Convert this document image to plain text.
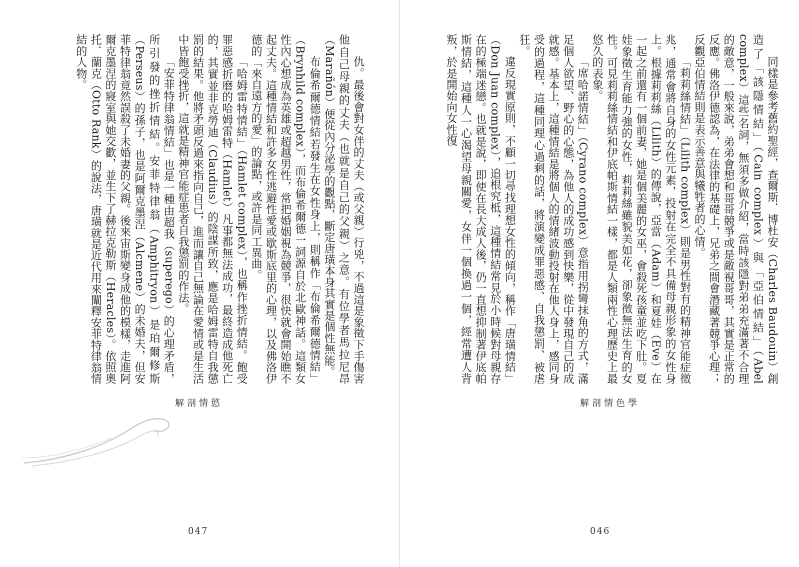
仇。最後會對女伴的丈夫（或父親）行兇，不過這是象徵下手傷害他自己母親的丈夫（也就是自己的父親）之意。有位學者馬拉尼昂（Marañón）便從內分泌學的觀點，斷定唐璜本身其實是個性無能。

布倫希爾德情結若發生在女性身上，則稱作「布倫希爾德情結」（Brynhild complex），而布倫希爾德一詞源自於北歐神話。這類女性內心想成為英雄或超越男性，常把婚姻視為競爭，很快就會開始瞧不起丈夫。這種情結和許多女性逃避性愛或歇斯底里的心理，以及佛洛伊德的「來自遠方的愛」的論點，或許是同工異曲。

「哈姆雷特情結」（Hamlet complex），也稱作挫折情結。飽受罪惡感折磨的哈姆雷特（Hamlet）凡事都無法成功，最終造成他死亡的，其實並非克勞迪（Claudius）的陰謀所致，應是哈姆雷特自我懲罰的結果。他將矛頭反過來指向自己，進而讓自己無論在愛情或是生活中皆飽受挫折，這就是精神官能症患者自我懲罰的作法。

「安菲特律翁情結」也是一種由超我（superego）的心理矛盾，所引發的挫折情結。安菲特律翁（Amphitryon）是珀爾修斯（Perseus）的孫子，也是阿爾克墨涅（Alcmene）的未婚夫，但安菲特律翁竟然誤殺了未婚妻的父親。後來宙斯變身成他的模樣，走進阿爾克墨涅的寢室與她交歡，並生下了赫拉克勒斯（Heracles）。依照奧托．蘭克（Otto Rank）的說法，唐璜就是近代用來闡釋安菲特律翁情結的人物。

解剖情慾
047

同樣是參考舊約聖經，查爾斯．博杜安（Charles Baudouin）創造了「該隱情結」（Cain complex）與「亞伯情結」（Abel complex）這些名詞，無須多做介紹，當時該隱對弟弟充滿著不合理的敵意，一般來說，弟弟會想和哥哥競爭或是敵視哥哥，其實是正常的反應。佛洛伊德認為，在法律的基礎上，兄弟之間會潛藏著競爭心理；反觀亞伯情結則是表示善意與犧牲者的心情。

「莉莉絲情結」（Lilith complex）則是男性對有的精神官能症徵兆，通常會將自身的女性元素，投射在完全不具備母親形象的女性身上。根據莉莉絲（Lilith）的傳說，亞當（Adam）和夏娃（Eve）在一起之前還有一個前妻，她是個美麗的女巫，會殺死孩童並吃下肚。夏娃象徵生育能力強的女性，莉莉絲雖貌美如花，卻象徵無法生育的女性。可見莉莉絲情結和伊底帕斯情結一樣，都是人類兩性心理歷史上最悠久的表象。

「席哈諾情結」（Cyrano complex）意指用拐彎抹角的方式，滿足個人欲望、野心的心態，為他人的成功感到快樂，從中發現自己的成就感。基本上，這種情結是將個人的情緒波動投射在他人身上，感同身受的過程，這種同理心過剩的話，將演變成罪惡感、自我懲罰、被虐狂。

違反現實原則，不顧一切尋找理想女性的傾向，稱作「唐璜情結」（Don Juan complex），追根究柢，這種情結常見於小時候對母親存在的極端迷戀。也就是說，即使在長大成人後，仍一直想抑制著伊底帕斯情結，這種人一心渴望母親關愛，女伴一個換過一個，經常遭人背叛，於是開始向女性復

解剖情色學
046
